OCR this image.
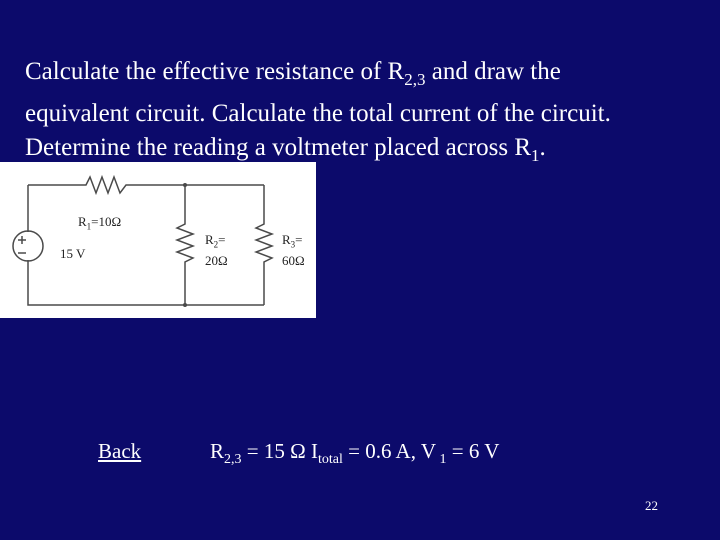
Calculate the effective resistance of $R_{2,3}$ and draw the
equivalent circuit. Calculate the total current of the circuit.
Determine the reading a voltmeter placed across $R_1$.

$R_1=10\Omega$
15 V
$R_2=$
20Ω
$R_3=$
60Ω
Back	$R_{2,3} = 15$ Ω $I_{total} = 0.6$ A, V $_1$ = 6 V
22
